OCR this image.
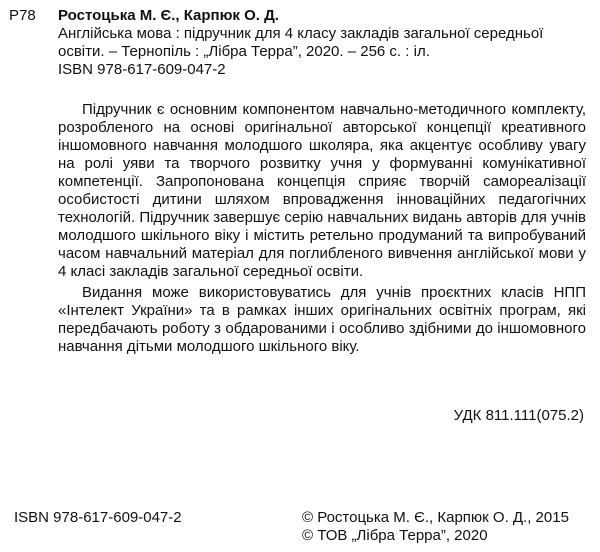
Р78 Ростоцька М. Є., Карпюк О. Д.
Англійська мова : підручник для 4 класу закладів загальної середньої
освіти. – Тернопіль : „Лібра Терра”, 2020. – 256 с. : іл.
ISBN 978-617-609-047-2

Підручник є основним компонентом навчально-методичного комплекту, розробленого на основі оригінальної авторської концепції креативного іншомовного навчання молодшого школяра, яка акцентує особливу увагу на ролі уяви та творчого розвитку учня у формуванні комунікативної компетенції. Запропонована концепція сприяє творчій самореалізації особистості дитини шляхом впровадження інноваційних педагогічних технологій. Підручник завершує серію навчальних видань авторів для учнів молодшого шкільного віку і містить ретельно продуманий та випробуваний часом навчальний матеріал для поглибленого вивчення англійської мови у 4 класі закладів загальної середньої освіти.

Видання може використовуватись для учнів проєктних класів НПП «Інтелект України» та в рамках інших оригінальних освітніх програм, які передбачають роботу з обдарованими і особливо здібними до іншомовного навчання дітьми молодшого шкільного віку.

УДК 811.111(075.2)
ISBN 978-617-609-047-2	© Ростоцька М. Є., Карпюк О. Д., 2015
© ТОВ „Лібра Терра”, 2020
